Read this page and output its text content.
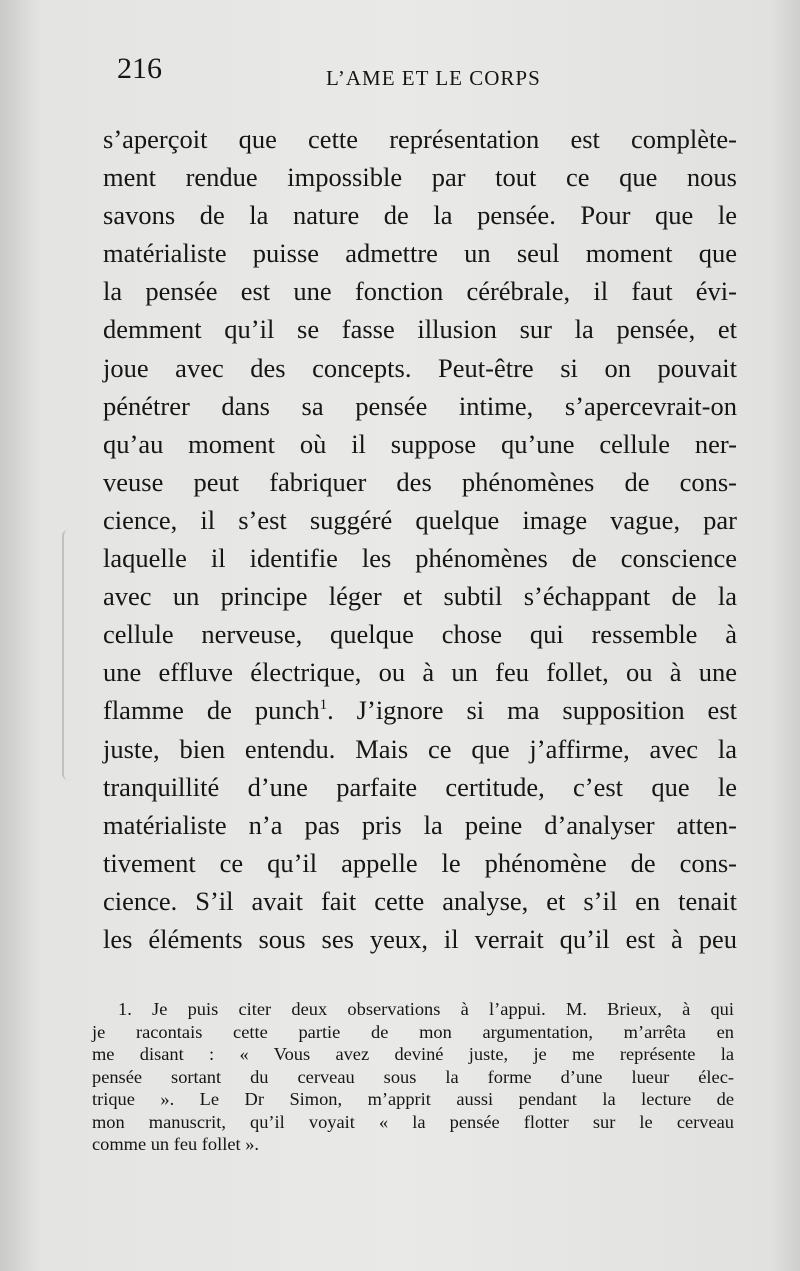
216	L’AME ET LE CORPS
s’aperçoit que cette représentation est complète-
ment rendue impossible par tout ce que nous
savons de la nature de la pensée. Pour que le
matérialiste puisse admettre un seul moment que
la pensée est une fonction cérébrale, il faut évi-
demment qu’il se fasse illusion sur la pensée, et
joue avec des concepts. Peut-être si on pouvait
pénétrer dans sa pensée intime, s’apercevrait-on
qu’au moment où il suppose qu’une cellule ner-
veuse peut fabriquer des phénomènes de cons-
cience, il s’est suggéré quelque image vague, par
laquelle il identifie les phénomènes de conscience
avec un principe léger et subtil s’échappant de la
cellule nerveuse, quelque chose qui ressemble à
une effluve électrique, ou à un feu follet, ou à une
flamme de punch$^1$. J’ignore si ma supposition est
juste, bien entendu. Mais ce que j’affirme, avec la
tranquillité d’une parfaite certitude, c’est que le
matérialiste n’a pas pris la peine d’analyser atten-
tivement ce qu’il appelle le phénomène de cons-
cience. S’il avait fait cette analyse, et s’il en tenait
les éléments sous ses yeux, il verrait qu’il est à peu
1. Je puis citer deux observations à l’appui. M. Brieux, à qui
je racontais cette partie de mon argumentation, m’arrêta en
me disant : « Vous avez deviné juste, je me représente la
pensée sortant du cerveau sous la forme d’une lueur élec-
trique ». Le Dr Simon, m’apprit aussi pendant la lecture de
mon manuscrit, qu’il voyait « la pensée flotter sur le cerveau
comme un feu follet ».
